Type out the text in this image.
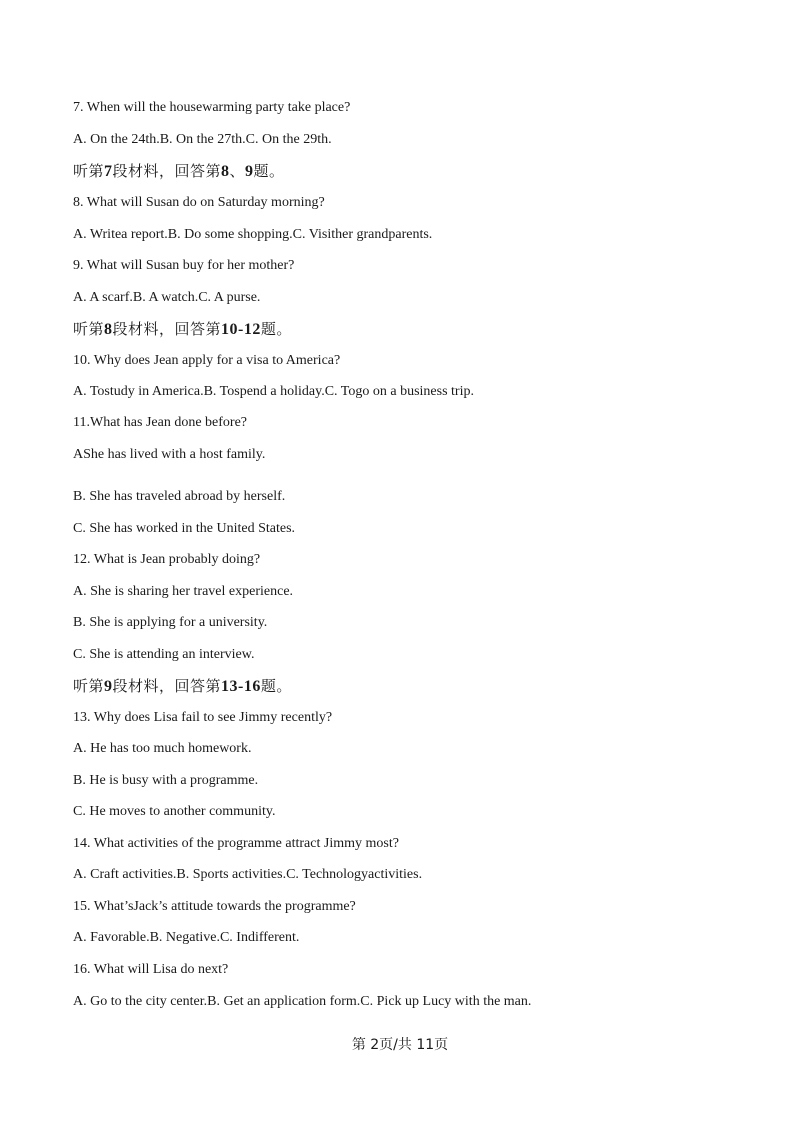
7. When will the housewarming party take place?
A. On the 24th.B. On the 27th.C. On the 29th.
听第7段材料，回答第8、9题。
8. What will Susan do on Saturday morning?
A. Writea report.B. Do some shopping.C. Visither grandparents.
9. What will Susan buy for her mother?
A. A scarf.B. A watch.C. A purse.
听第8段材料，回答第10-12题。
10. Why does Jean apply for a visa to America?
A. Tostudy in America.B. Tospend a holiday.C. Togo on a business trip.
11.What has Jean done before?
AShe has lived with a host family.
B. She has traveled abroad by herself.
C. She has worked in the United States.
12. What is Jean probably doing?
A. She is sharing her travel experience.
B. She is applying for a university.
C. She is attending an interview.
听第9段材料，回答第13-16题。
13. Why does Lisa fail to see Jimmy recently?
A. He has too much homework.
B. He is busy with a programme.
C. He moves to another community.
14. What activities of the programme attract Jimmy most?
A. Craft activities.B. Sports activities.C. Technologyactivities.
15. What’sJack’s attitude towards the programme?
A. Favorable.B. Negative.C. Indifferent.
16. What will Lisa do next?
A. Go to the city center.B. Get an application form.C. Pick up Lucy with the man.
第 2页/共 11页
